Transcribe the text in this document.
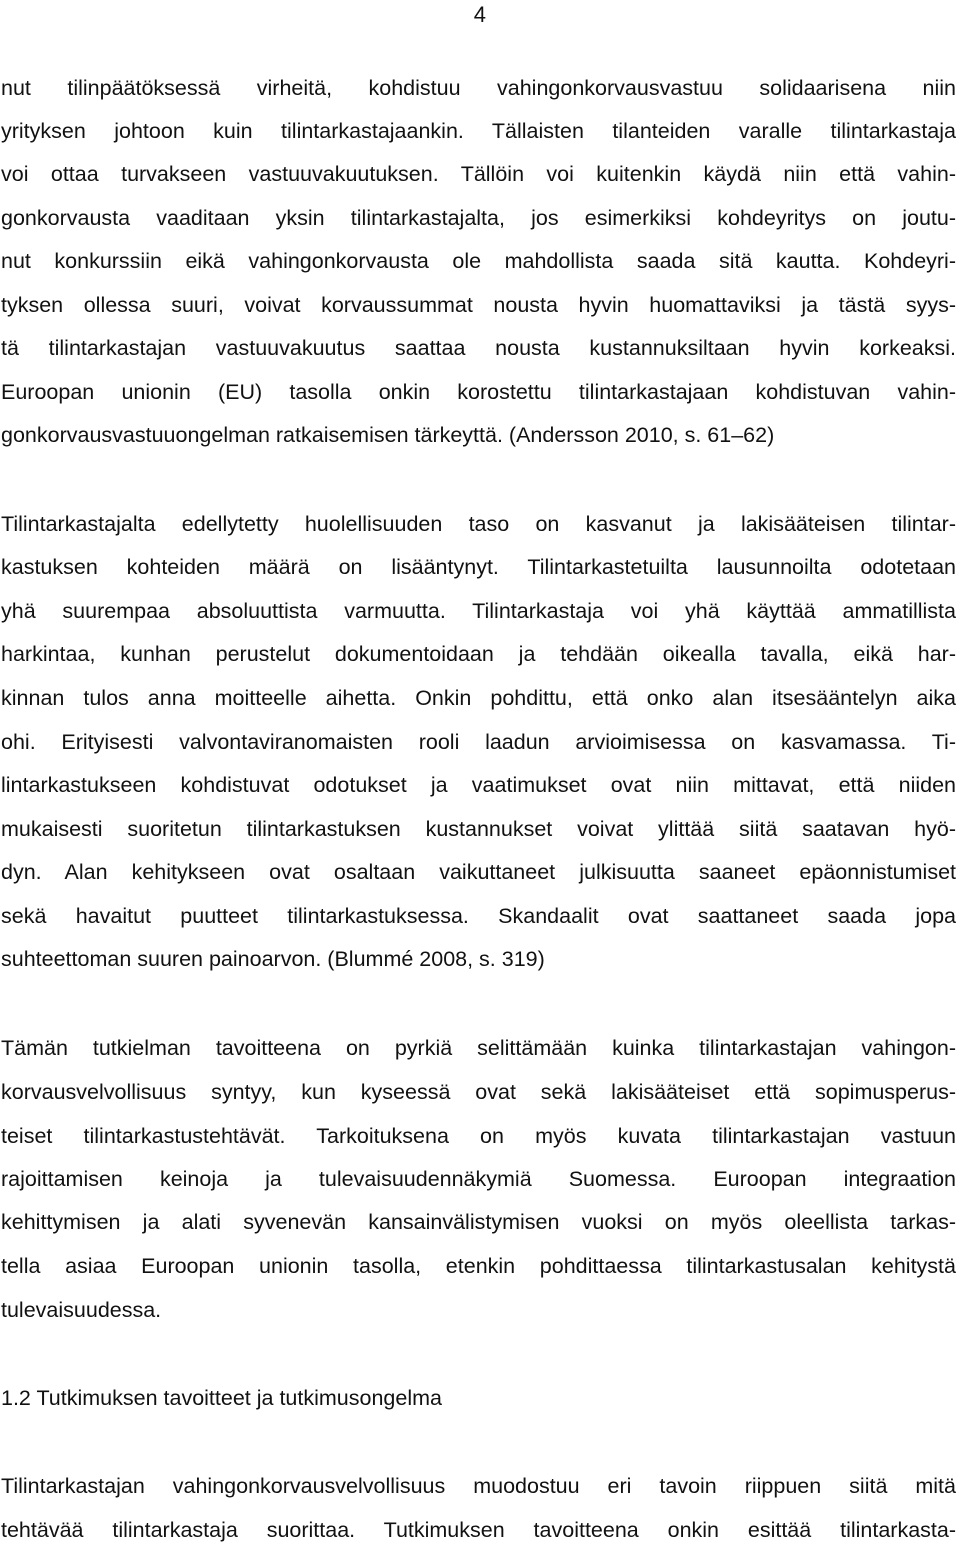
4
nut tilinpäätöksessä virheitä, kohdistuu vahingonkorvausvastuu solidaarisena niin
yrityksen johtoon kuin tilintarkastajaankin. Tällaisten tilanteiden varalle tilintarkastaja
voi ottaa turvakseen vastuuvakuutuksen. Tällöin voi kuitenkin käydä niin että vahin-
gonkorvausta vaaditaan yksin tilintarkastajalta, jos esimerkiksi kohdeyritys on joutu-
nut konkurssiin eikä vahingonkorvausta ole mahdollista saada sitä kautta. Kohdeyri-
tyksen ollessa suuri, voivat korvaussummat nousta hyvin huomattaviksi ja tästä syys-
tä tilintarkastajan vastuuvakuutus saattaa nousta kustannuksiltaan hyvin korkeaksi.
Euroopan unionin (EU) tasolla onkin korostettu tilintarkastajaan kohdistuvan vahin-
gonkorvausvastuuongelman ratkaisemisen tärkeyttä. (Andersson 2010, s. 61–62)
Tilintarkastajalta edellytetty huolellisuuden taso on kasvanut ja lakisääteisen tilintar-
kastuksen kohteiden määrä on lisääntynyt. Tilintarkastetuilta lausunnoilta odotetaan
yhä suurempaa absoluuttista varmuutta. Tilintarkastaja voi yhä käyttää ammatillista
harkintaa, kunhan perustelut dokumentoidaan ja tehdään oikealla tavalla, eikä har-
kinnan tulos anna moitteelle aihetta. Onkin pohdittu, että onko alan itsesääntelyn aika
ohi. Erityisesti valvontaviranomaisten rooli laadun arvioimisessa on kasvamassa. Ti-
lintarkastukseen kohdistuvat odotukset ja vaatimukset ovat niin mittavat, että niiden
mukaisesti suoritetun tilintarkastuksen kustannukset voivat ylittää siitä saatavan hyö-
dyn. Alan kehitykseen ovat osaltaan vaikuttaneet julkisuutta saaneet epäonnistumiset
sekä havaitut puutteet tilintarkastuksessa. Skandaalit ovat saattaneet saada jopa
suhteettoman suuren painoarvon. (Blummé 2008, s. 319)
Tämän tutkielman tavoitteena on pyrkiä selittämään kuinka tilintarkastajan vahingon-
korvausvelvollisuus syntyy, kun kyseessä ovat sekä lakisääteiset että sopimusperus-
teiset tilintarkastustehtävät. Tarkoituksena on myös kuvata tilintarkastajan vastuun
rajoittamisen keinoja ja tulevaisuudennäkymiä Suomessa. Euroopan integraation
kehittymisen ja alati syvenevän kansainvälistymisen vuoksi on myös oleellista tarkas-
tella asiaa Euroopan unionin tasolla, etenkin pohdittaessa tilintarkastusalan kehitystä
tulevaisuudessa.
1.2 Tutkimuksen tavoitteet ja tutkimusongelma
Tilintarkastajan vahingonkorvausvelvollisuus muodostuu eri tavoin riippuen siitä mitä
tehtävää tilintarkastaja suorittaa. Tutkimuksen tavoitteena onkin esittää tilintarkasta-
